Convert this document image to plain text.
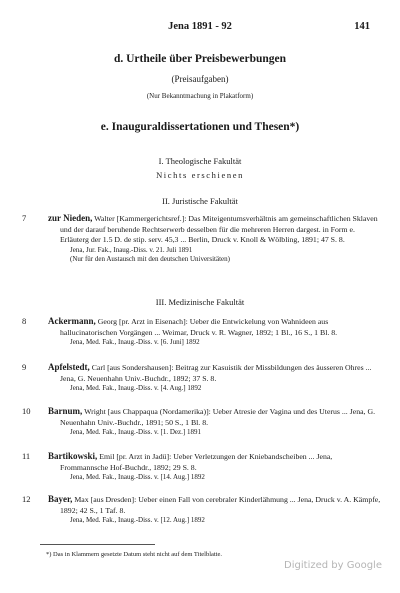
Jena 1891 - 92	141
d. Urtheile über Preisbewerbungen
(Preisaufgaben)
(Nur Bekanntmachung in Plakatform)
e. Inauguraldissertationen und Thesen*)
I. Theologische Fakultät
Nichts erschienen
II. Juristische Fakultät
7	zur Nieden, Walter [Kammergerichtsref.]: Das Miteigentumsverhältnis am gemeinschaftlichen Sklaven und der darauf beruhende Rechtserwerb desselben für die mehreren Herren dargest. in Form e. Erläuterg der 1.5 D. de stip. serv. 45,3 ... Berlin, Druck v. Knoll & Wölbling, 1891; 47 S. 8.
Jena, Jur. Fak., Inaug.-Diss. v. 21. Juli 1891
(Nur für den Austausch mit den deutschen Universitäten)
III. Medizinische Fakultät
8	Ackermann, Georg [pr. Arzt in Eisenach]: Ueber die Entwickelung von Wahnideen aus hallucinatorischen Vorgängen ... Weimar, Druck v. R. Wagner, 1892; 1 Bl., 16 S., 1 Bl. 8.
Jena, Med. Fak., Inaug.-Diss. v. [6. Juni] 1892
9	Apfelstedt, Carl [aus Sondershausen]: Beitrag zur Kasuistik der Missbildungen des äusseren Ohres ... Jena, G. Neuenhahn Univ.-Buchdr., 1892; 37 S. 8.
Jena, Med. Fak., Inaug.-Diss. v. [4. Aug.] 1892
10	Barnum, Wright [aus Chappaqua (Nordamerika)]: Ueber Atresie der Vagina und des Uterus ... Jena, G. Neuenhahn Univ.-Buchdr., 1891; 50 S., 1 Bl. 8.
Jena, Med. Fak., Inaug.-Diss. v. [1. Dez.] 1891
11	Bartikowski, Emil [pr. Arzt in Jadü]: Ueber Verletzungen der Kniebandscheiben ... Jena, Frommannsche Hof-Buchdr., 1892; 29 S. 8.
Jena, Med. Fak., Inaug.-Diss. v. [14. Aug.] 1892
12	Bayer, Max [aus Dresden]: Ueber einen Fall von cerebraler Kinderlähmung ... Jena, Druck v. A. Kämpfe, 1892; 42 S., 1 Taf. 8.
Jena, Med. Fak., Inaug.-Diss. v. [12. Aug.] 1892
*) Das in Klammern gesetzte Datum steht nicht auf dem Titelblatte.
Digitized by Google
